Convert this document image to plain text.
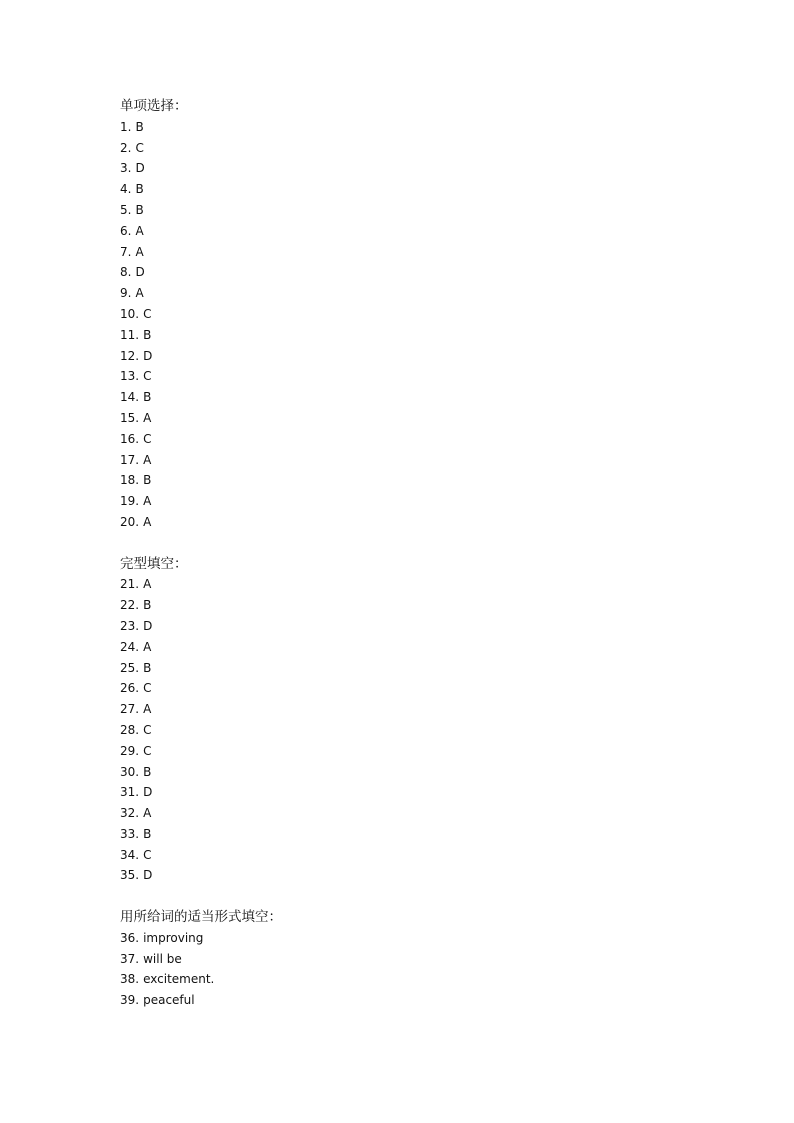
单项选择：
1. B
2. C
3. D
4. B
5. B
6. A
7. A
8. D
9. A
10. C
11. B
12. D
13. C
14. B
15. A
16. C
17. A
18. B
19. A
20. A
完型填空：
21. A
22. B
23. D
24. A
25. B
26. C
27. A
28. C
29. C
30. B
31. D
32. A
33. B
34. C
35. D
用所给词的适当形式填空：
36. improving
37. will be
38. excitement.
39. peaceful
